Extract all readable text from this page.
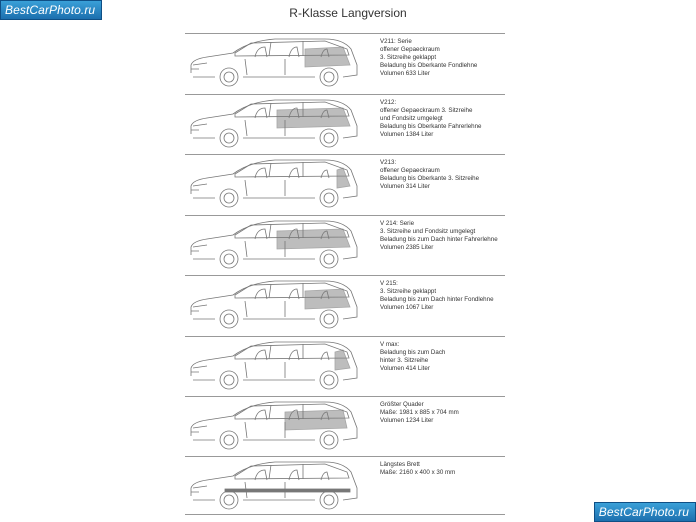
BestCarPhoto.ru	R-Klasse Langversion
V211: Serie
offener Gepaeckraum
3. Sitzreihe geklappt
Beladung bis Oberkante Fondlehne
Volumen 633 Liter
V212:
offener Gepaeckraum 3. Sitzreihe
und Fondsitz umgelegt
Beladung bis Oberkante Fahrerlehne
Volumen 1384 Liter
V213:
offener Gepaeckraum
Beladung bis Oberkante 3. Sitzreihe
Volumen 314 Liter
V 214: Serie
3. Sitzreihe und Fondsitz umgelegt
Beladung bis zum Dach hinter Fahrerlehne
Volumen 2385 Liter
V 215:
3. Sitzreihe geklappt
Beladung bis zum Dach hinter Fondlehne
Volumen 1067 Liter
V max:
Beladung bis zum Dach
hinter 3. Sitzreihe
Volumen 414 Liter
Größter Quader
Maße: 1981 x 885 x 704 mm
Volumen 1234 Liter
Längstes Brett
Maße: 2160 x 400 x 30 mm
BestCarPhoto.ru
